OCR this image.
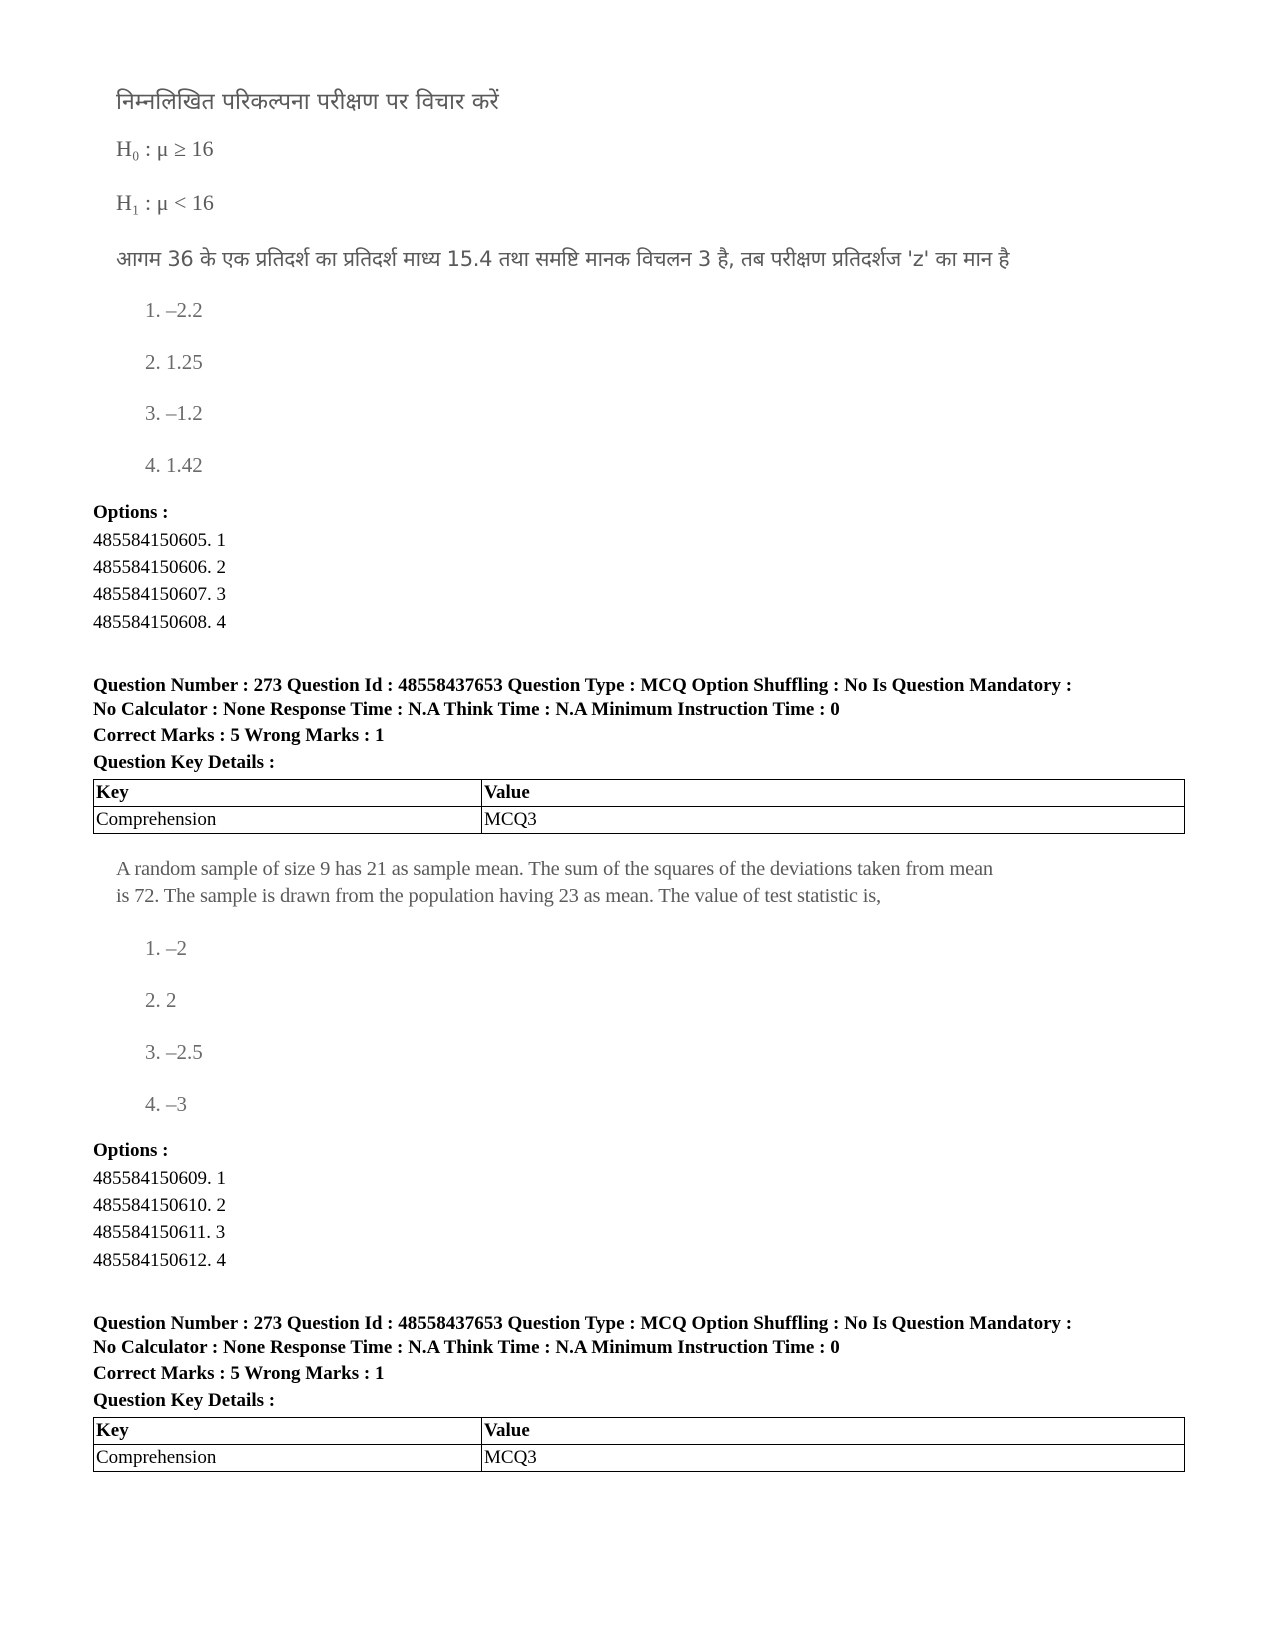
निम्नलिखित परिकल्पना परीक्षण पर विचार करें
H₀ : μ ≥ 16
H₁ : μ < 16
आगम 36 के एक प्रतिदर्श का प्रतिदर्श माध्य 15.4 तथा समष्टि मानक विचलन 3 है, तब परीक्षण प्रतिदर्शज 'z' का मान है
1. –2.2
2. 1.25
3. –1.2
4. 1.42
Options :
485584150605. 1
485584150606. 2
485584150607. 3
485584150608. 4
Question Number : 273 Question Id : 48558437653 Question Type : MCQ Option Shuffling : No Is Question Mandatory :
No Calculator : None Response Time : N.A Think Time : N.A Minimum Instruction Time : 0
Correct Marks : 5 Wrong Marks : 1
Question Key Details :
Key	Value
Comprehension	MCQ3
A random sample of size 9 has 21 as sample mean. The sum of the squares of the deviations taken from mean
is 72. The sample is drawn from the population having 23 as mean. The value of test statistic is,
1. –2
2. 2
3. –2.5
4. –3
Options :
485584150609. 1
485584150610. 2
485584150611. 3
485584150612. 4
Question Number : 273 Question Id : 48558437653 Question Type : MCQ Option Shuffling : No Is Question Mandatory :
No Calculator : None Response Time : N.A Think Time : N.A Minimum Instruction Time : 0
Correct Marks : 5 Wrong Marks : 1
Question Key Details :
Key	Value
Comprehension	MCQ3
